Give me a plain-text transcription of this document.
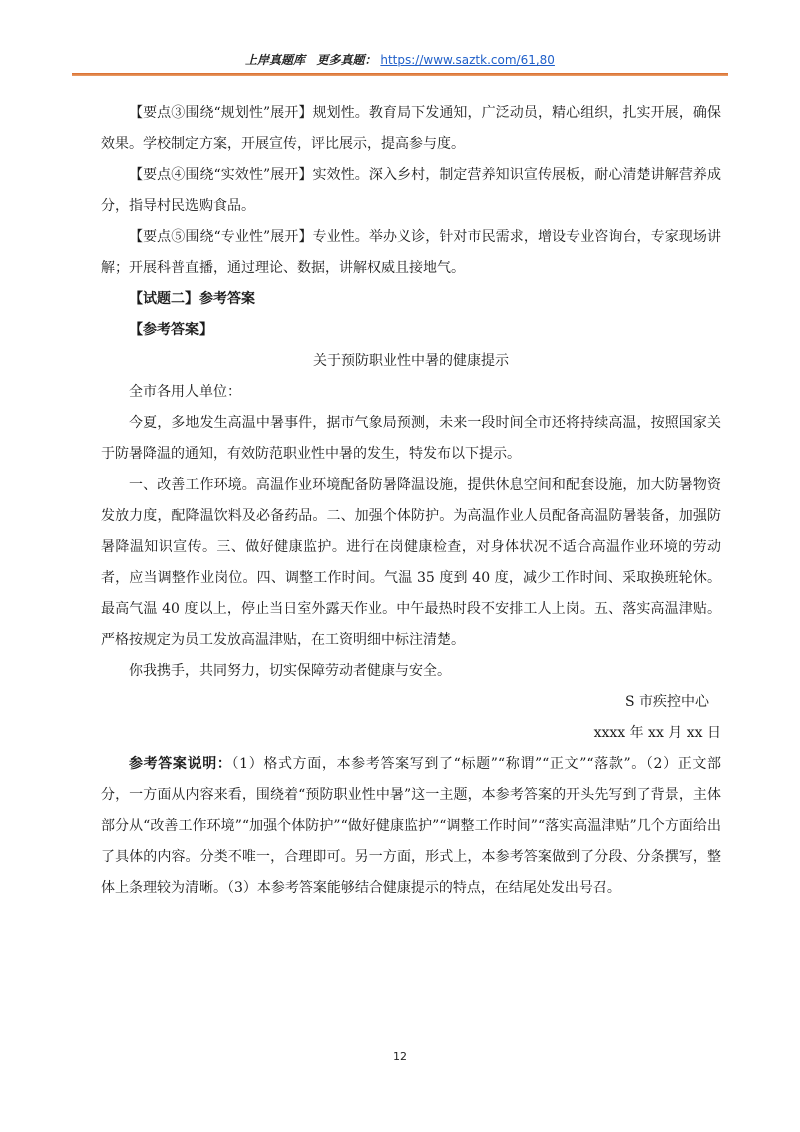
上岸真题库 更多真题： https://www.saztk.com/61,80

【要点③围绕“规划性”展开】规划性。教育局下发通知，广泛动员，精心组织，扎实开展，确保效果。学校制定方案，开展宣传，评比展示，提高参与度。

【要点④围绕“实效性”展开】实效性。深入乡村，制定营养知识宣传展板，耐心清楚讲解营养成分，指导村民选购食品。

【要点⑤围绕“专业性”展开】专业性。举办义诊，针对市民需求，增设专业咨询台，专家现场讲解；开展科普直播，通过理论、数据，讲解权威且接地气。

【试题二】参考答案

【参考答案】

关于预防职业性中暑的健康提示

全市各用人单位：

今夏，多地发生高温中暑事件，据市气象局预测，未来一段时间全市还将持续高温，按照国家关于防暑降温的通知，有效防范职业性中暑的发生，特发布以下提示。

一、改善工作环境。高温作业环境配备防暑降温设施，提供休息空间和配套设施，加大防暑物资发放力度，配降温饮料及必备药品。二、加强个体防护。为高温作业人员配备高温防暑装备，加强防暑降温知识宣传。三、做好健康监护。进行在岗健康检查，对身体状况不适合高温作业环境的劳动者，应当调整作业岗位。四、调整工作时间。气温 35 度到 40 度，减少工作时间、采取换班轮休。最高气温 40 度以上，停止当日室外露天作业。中午最热时段不安排工人上岗。五、落实高温津贴。严格按规定为员工发放高温津贴，在工资明细中标注清楚。

你我携手，共同努力，切实保障劳动者健康与安全。

S 市疾控中心

xxxx 年 xx 月 xx 日

参考答案说明：（1）格式方面，本参考答案写到了“标题”“称谓”“正文”“落款”。（2）正文部分，一方面从内容来看，围绕着“预防职业性中暑”这一主题，本参考答案的开头先写到了背景，主体部分从“改善工作环境”“加强个体防护”“做好健康监护”“调整工作时间”“落实高温津贴”几个方面给出了具体的内容。分类不唯一，合理即可。另一方面，形式上，本参考答案做到了分段、分条撰写，整体上条理较为清晰。（3）本参考答案能够结合健康提示的特点，在结尾处发出号召。

12
